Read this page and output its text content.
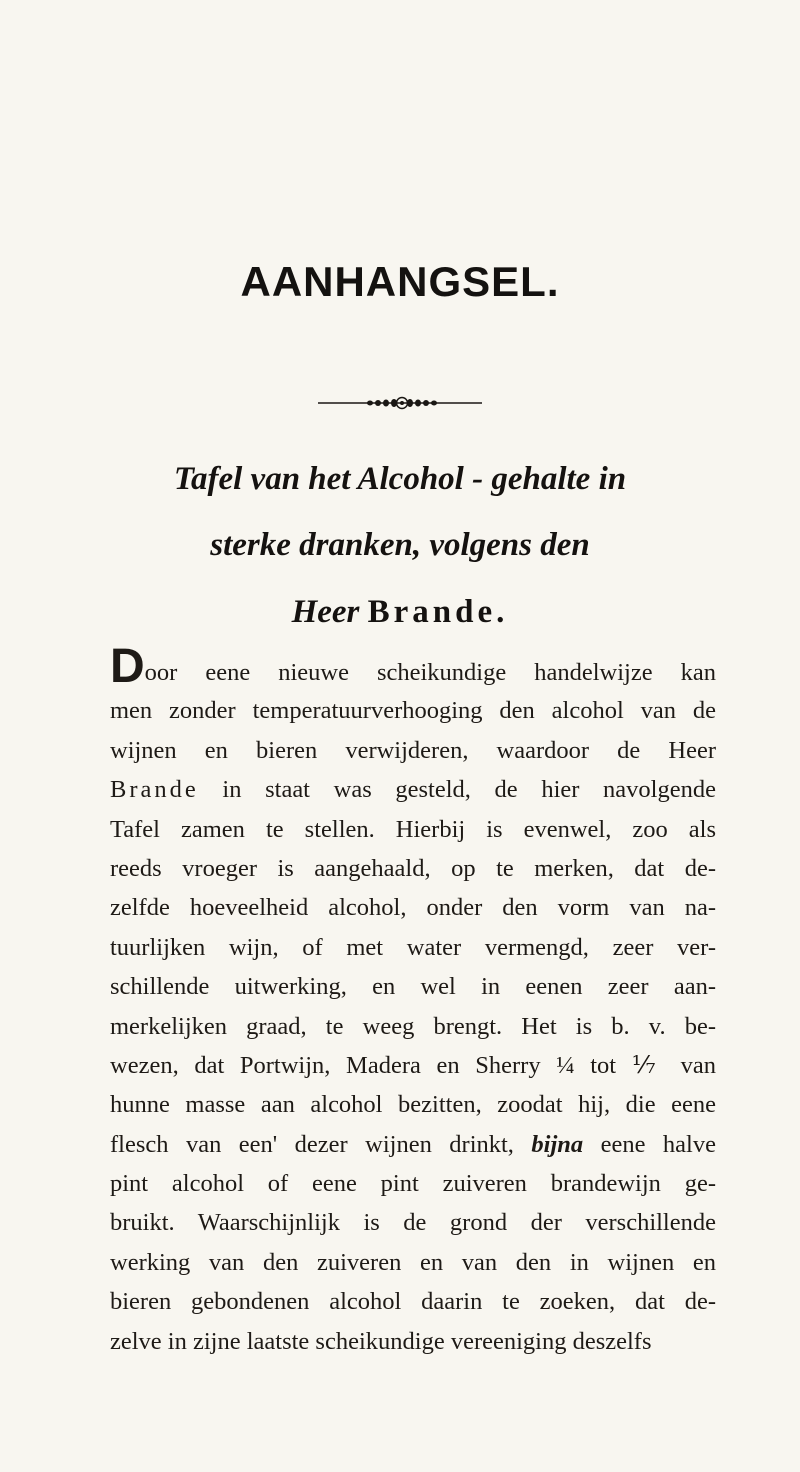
AANHANGSEL.
Tafel van het Alcohol - gehalte in
sterke dranken, volgens den
Heer Brande.
Door eene nieuwe scheikundige handelwijze kan
men zonder temperatuurverhooging den alcohol van de
wijnen en bieren verwijderen, waardoor de Heer
Brande in staat was gesteld, de hier navolgende
Tafel zamen te stellen. Hierbij is evenwel, zoo als
reeds vroeger is aangehaald, op te merken, dat de-
zelfde hoeveelheid alcohol, onder den vorm van na-
tuurlijken wijn, of met water vermengd, zeer ver-
schillende uitwerking, en wel in eenen zeer aan-
merkelijken graad, te weeg brengt. Het is b. v. be-
wezen, dat Portwijn, Madera en Sherry ¼ tot ⅐ van
hunne masse aan alcohol bezitten, zoodat hij, die eene
flesch van een' dezer wijnen drinkt, bijna eene halve
pint alcohol of eene pint zuiveren brandewijn ge-
bruikt. Waarschijnlijk is de grond der verschillende
werking van den zuiveren en van den in wijnen en
bieren gebondenen alcohol daarin te zoeken, dat de-
zelve in zijne laatste scheikundige vereeniging deszelfs
